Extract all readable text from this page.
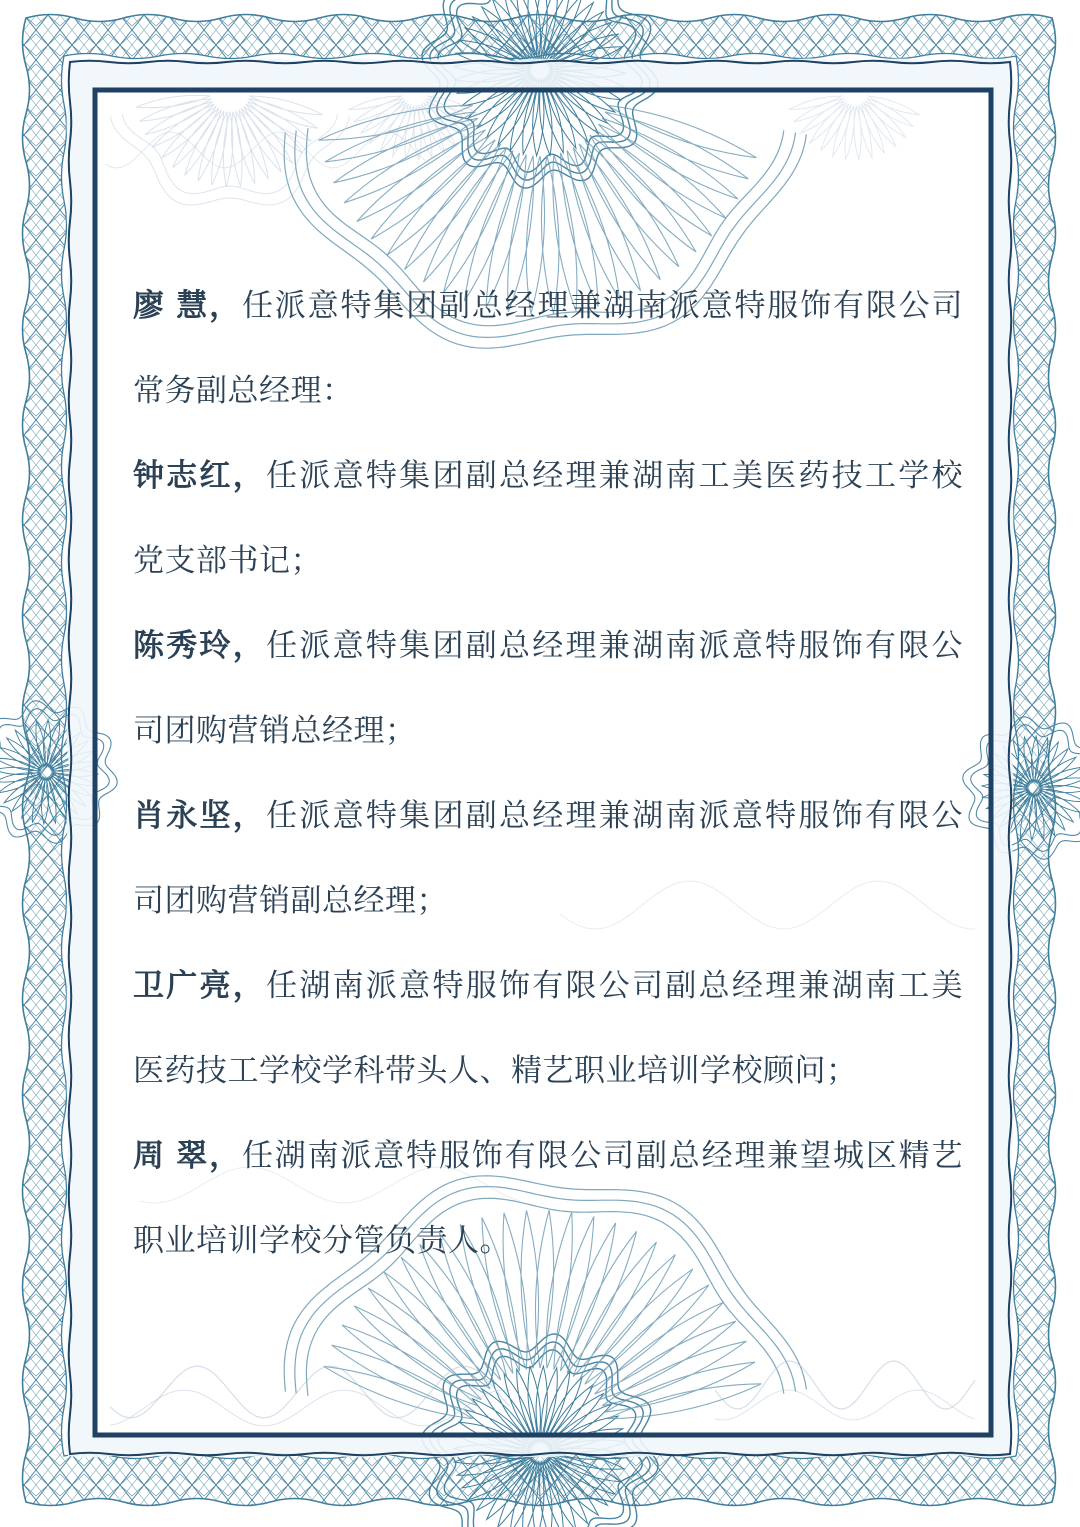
廖 慧，任派意特集团副总经理兼湖南派意特服饰有限公司
常务副总经理：

钟志红，任派意特集团副总经理兼湖南工美医药技工学校
党支部书记；

陈秀玲，任派意特集团副总经理兼湖南派意特服饰有限公
司团购营销总经理；

肖永坚，任派意特集团副总经理兼湖南派意特服饰有限公
司团购营销副总经理；

卫广亮，任湖南派意特服饰有限公司副总经理兼湖南工美
医药技工学校学科带头人、精艺职业培训学校顾问；

周 翠，任湖南派意特服饰有限公司副总经理兼望城区精艺
职业培训学校分管负责人。
